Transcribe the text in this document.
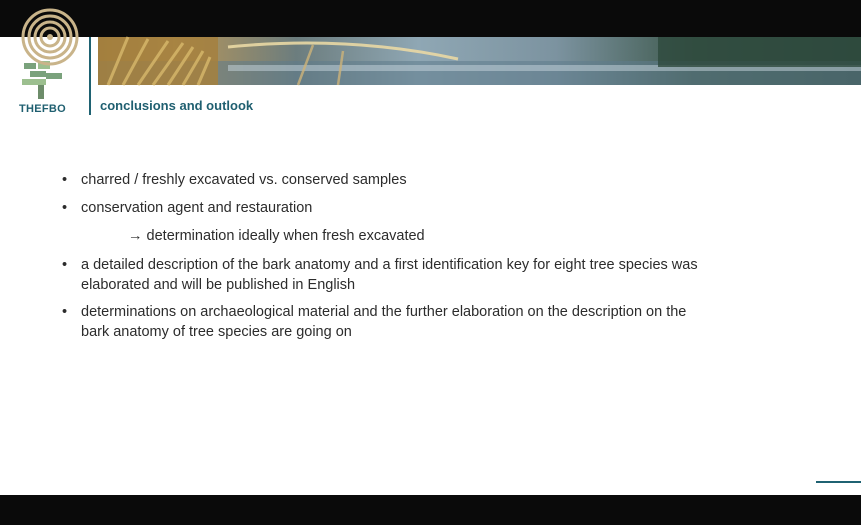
THEFBO	conclusions and outlook
• charred / freshly excavated vs. conserved samples
• conservation agent and restauration
→ determination ideally when fresh excavated
• a detailed description of the bark anatomy and a first identification key for eight tree species was
elaborated and will be published in English
• determinations on archaeological material and the further elaboration on the description on the
bark anatomy of tree species are going on
